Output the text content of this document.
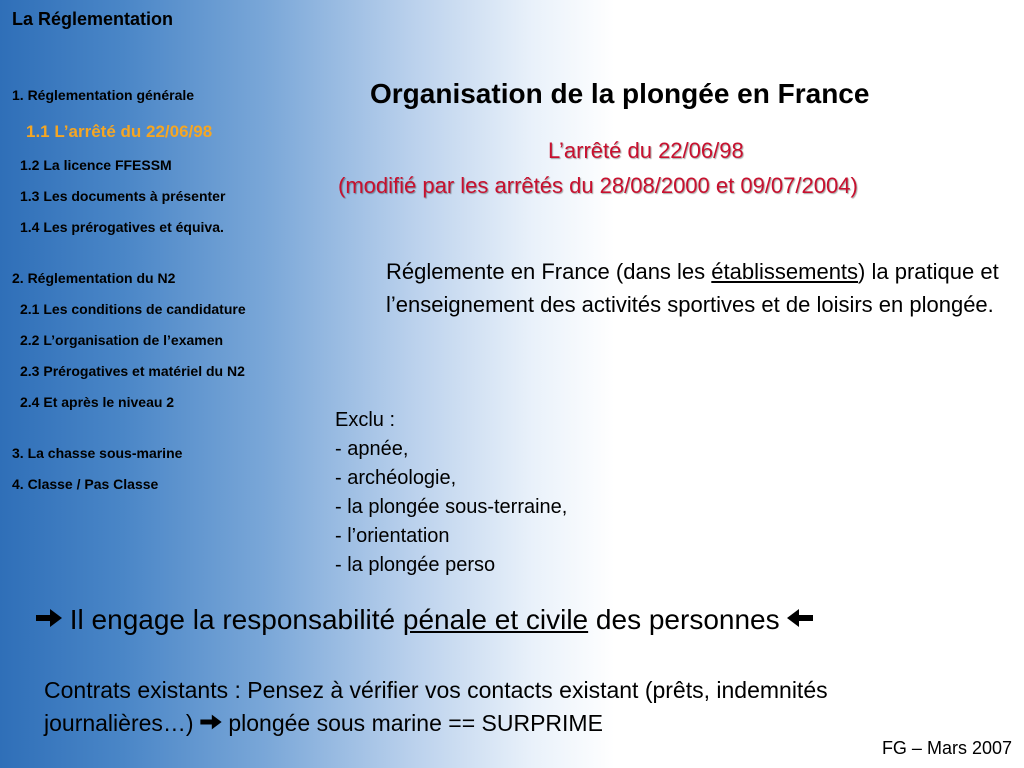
La Réglementation
1. Réglementation générale
1.1 L’arrêté du 22/06/98
1.2 La licence FFESSM
1.3 Les documents à présenter
1.4 Les prérogatives et équiva.
2. Réglementation du N2
2.1 Les conditions de candidature
2.2 L’organisation de l’examen
2.3 Prérogatives et matériel du N2
2.4 Et après le niveau 2
3. La chasse sous-marine
4. Classe / Pas Classe
Organisation de la plongée en France
L’arrêté du 22/06/98
(modifié par les arrêtés du 28/08/2000 et 09/07/2004)
Réglemente en France (dans les établissements) la pratique et l’enseignement des activités sportives et de loisirs en plongée.
Exclu :
- apnée,
- archéologie,
- la plongée sous-terraine,
- l’orientation
- la plongée perso
Il engage la responsabilité pénale et civile des personnes
Contrats existants : Pensez à vérifier vos contacts existant (prêts, indemnités
journalières…)  plongée sous marine == SURPRIME
FG – Mars 2007
